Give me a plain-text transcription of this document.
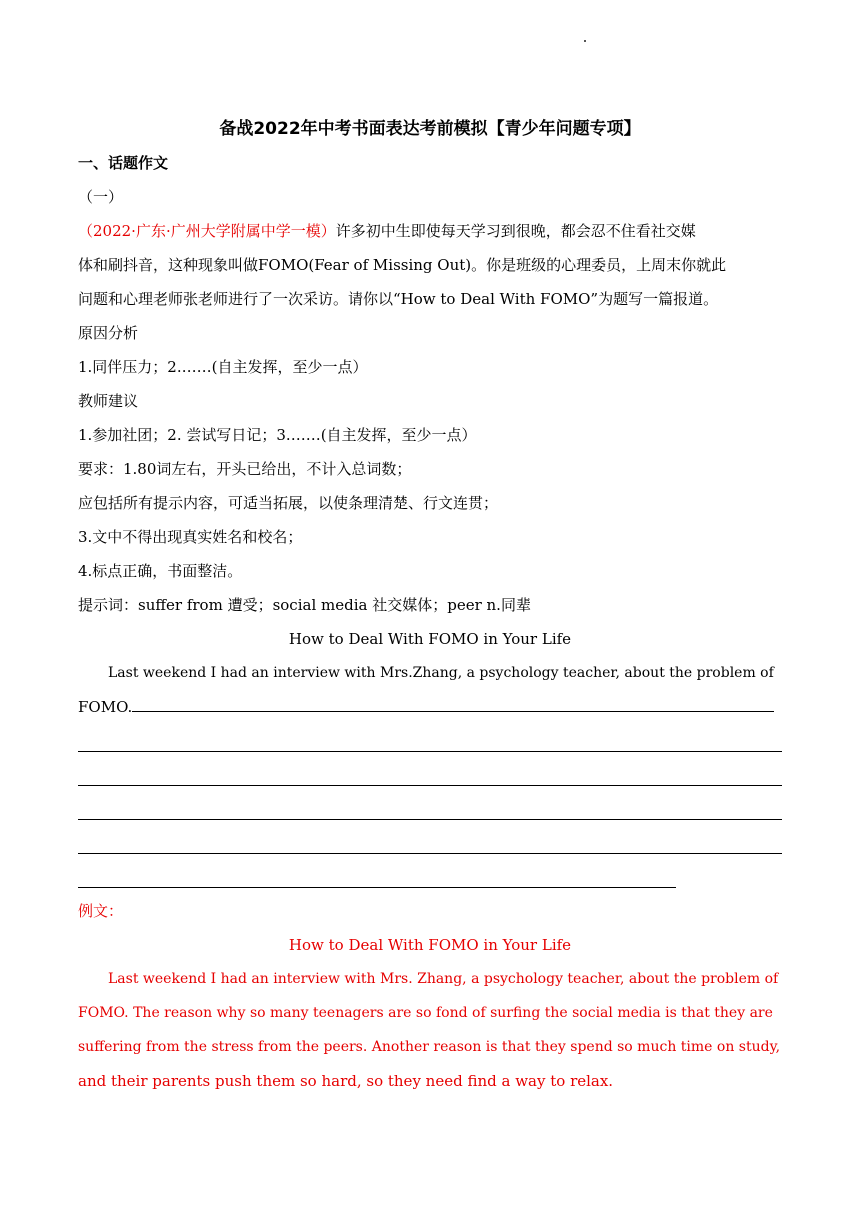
备战2022年中考书面表达考前模拟【青少年问题专项】
一、话题作文
（一）
（2022·广东·广州大学附属中学一模）许多初中生即使每天学习到很晚，都会忍不住看社交媒
体和刷抖音，这种现象叫做FOMO(Fear of Missing Out)。你是班级的心理委员，上周末你就此
问题和心理老师张老师进行了一次采访。请你以“How to Deal With FOMO”为题写一篇报道。
原因分析
1.同伴压力；2.……(自主发挥，至少一点）
教师建议
1.参加社团；2. 尝试写日记；3.……(自主发挥，至少一点）
要求：1.80词左右，开头已给出，不计入总词数；
应包括所有提示内容，可适当拓展，以使条理清楚、行文连贯；
3.文中不得出现真实姓名和校名；
4.标点正确，书面整洁。
提示词：suffer from 遭受；social media 社交媒体；peer n.同辈
How to Deal With FOMO in Your Life
Last weekend I had an interview with Mrs.Zhang, a psychology teacher, about the problem of
FOMO.
例文：
How to Deal With FOMO in Your Life
Last weekend I had an interview with Mrs. Zhang, a psychology teacher, about the problem of
FOMO. The reason why so many teenagers are so fond of surfing the social media is that they are
suffering from the stress from the peers. Another reason is that they spend so much time on study,
and their parents push them so hard, so they need find a way to relax.
